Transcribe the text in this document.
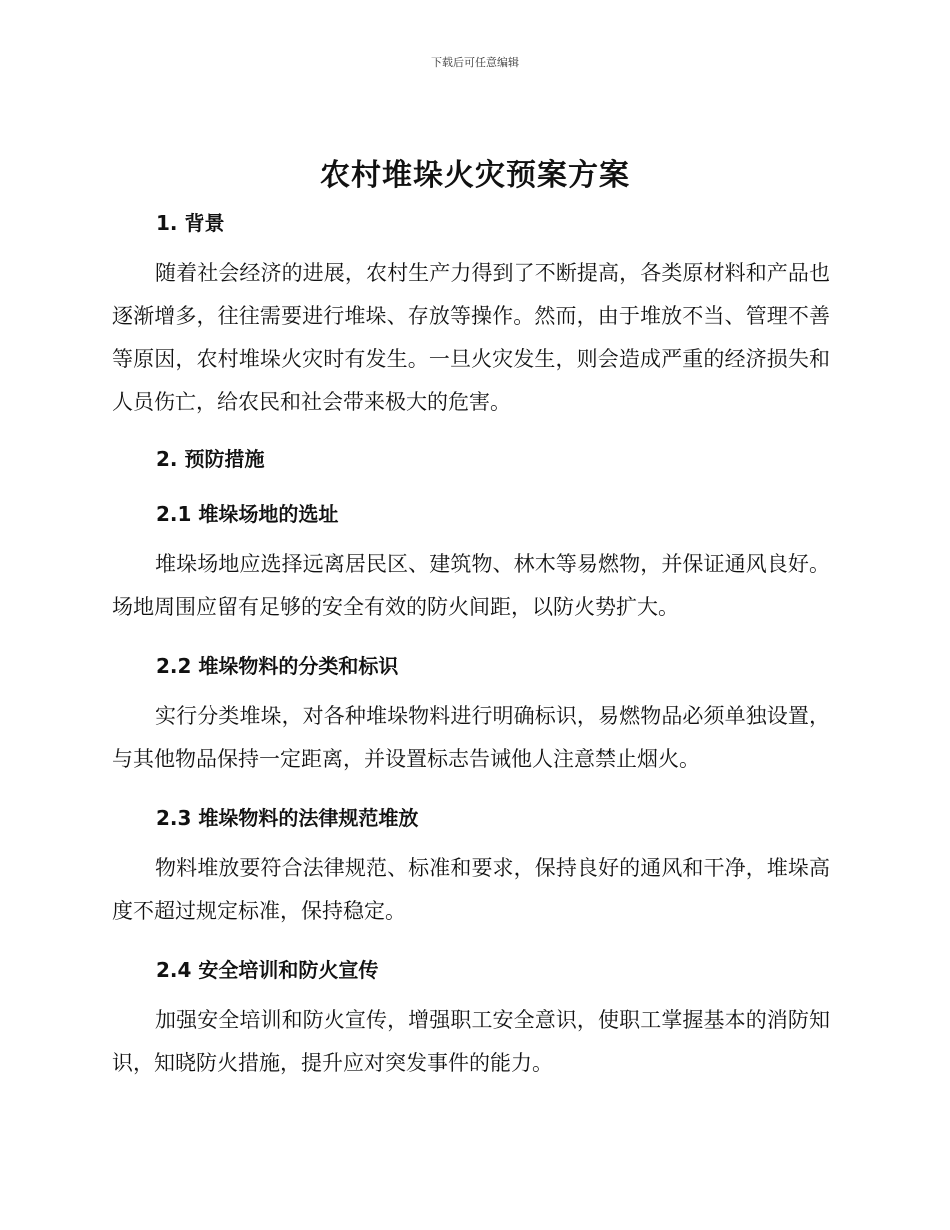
下载后可任意编辑
农村堆垛火灾预案方案
1. 背景

随着社会经济的进展，农村生产力得到了不断提高，各类原材料和产品也逐渐增多，往往需要进行堆垛、存放等操作。然而，由于堆放不当、管理不善等原因，农村堆垛火灾时有发生。一旦火灾发生，则会造成严重的经济损失和人员伤亡，给农民和社会带来极大的危害。

2. 预防措施
2.1 堆垛场地的选址

堆垛场地应选择远离居民区、建筑物、林木等易燃物，并保证通风良好。场地周围应留有足够的安全有效的防火间距，以防火势扩大。

2.2 堆垛物料的分类和标识

实行分类堆垛，对各种堆垛物料进行明确标识，易燃物品必须单独设置，与其他物品保持一定距离，并设置标志告诫他人注意禁止烟火。

2.3 堆垛物料的法律规范堆放

物料堆放要符合法律规范、标准和要求，保持良好的通风和干净，堆垛高度不超过规定标准，保持稳定。

2.4 安全培训和防火宣传

加强安全培训和防火宣传，增强职工安全意识，使职工掌握基本的消防知识，知晓防火措施，提升应对突发事件的能力。
